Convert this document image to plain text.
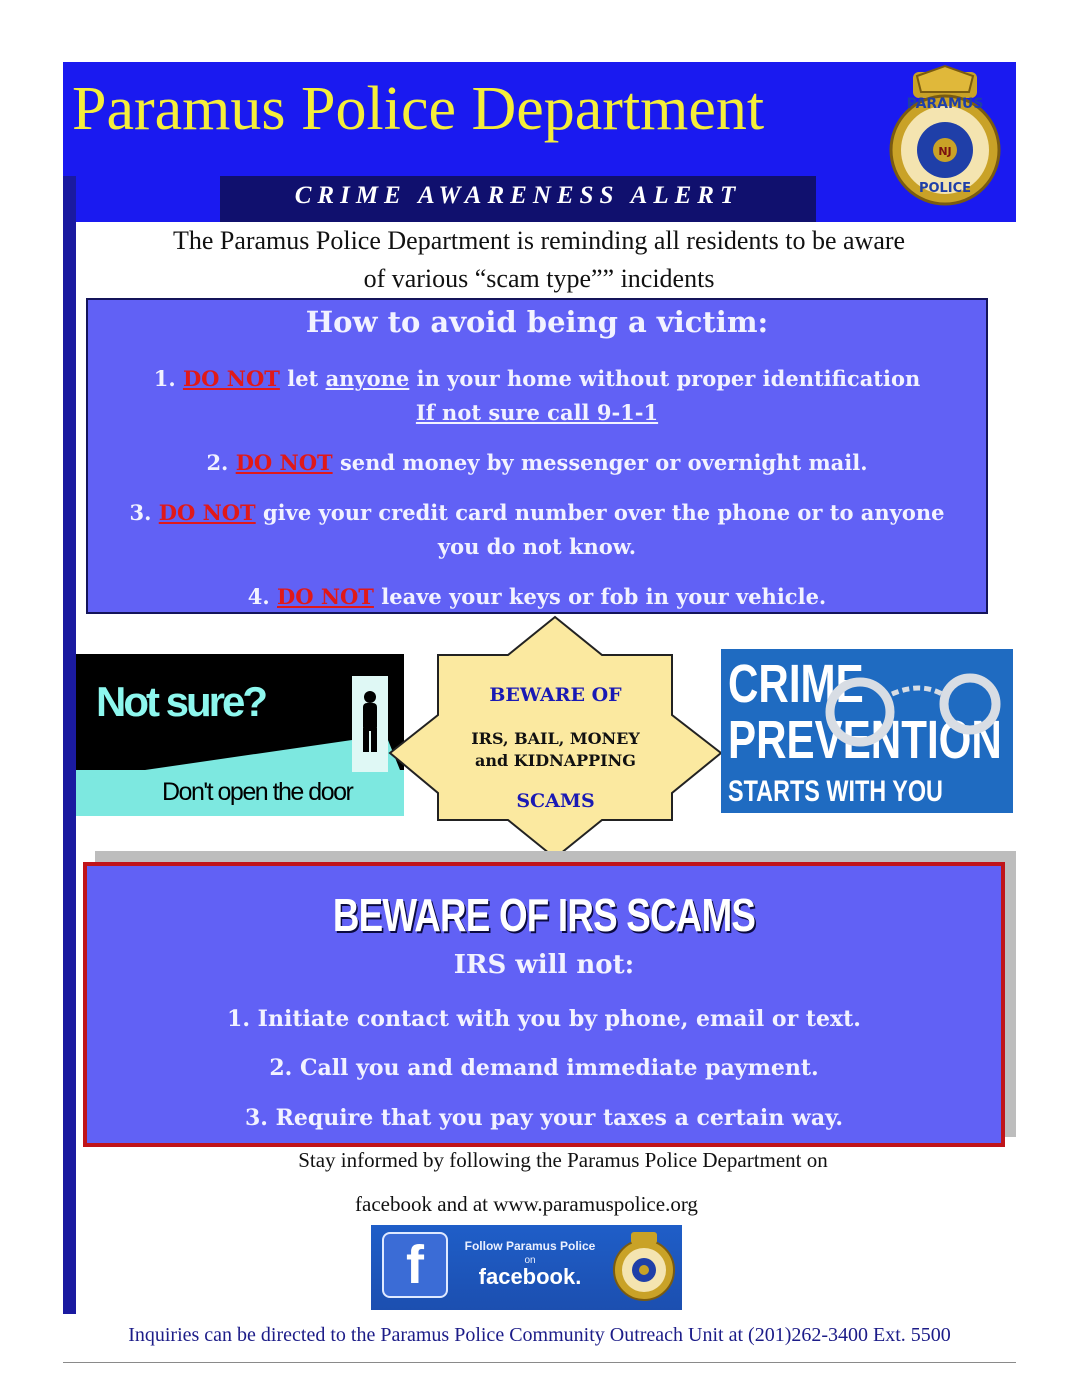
Paramus Police Department	PARAMUS
POLICE
NJ
CRIME AWARENESS ALERT
The Paramus Police Department is reminding all residents to be aware
of various “scam type”” incidents
How to avoid being a victim:
1. DO NOT let anyone in your home without proper identification
If not sure call 9-1-1
2. DO NOT send money by messenger or overnight mail.
3. DO NOT give your credit card number over the phone or to anyone
you do not know.
4. DO NOT leave your keys or fob in your vehicle.
Not sure?
Don't open the door
BEWARE OF
IRS, BAIL, MONEY
and KIDNAPPING
SCAMS
CRIME
PREVENTION
STARTS WITH YOU
BEWARE OF IRS SCAMS
IRS will not:
1. Initiate contact with you by phone, email or text.
2. Call you and demand immediate payment.
3. Require that you pay your taxes a certain way.
Stay informed by following the Paramus Police Department on
facebook and at www.paramuspolice.org
f	Follow Paramus Police
on
facebook.
Inquiries can be directed to the Paramus Police Community Outreach Unit at (201)262-3400 Ext. 5500
